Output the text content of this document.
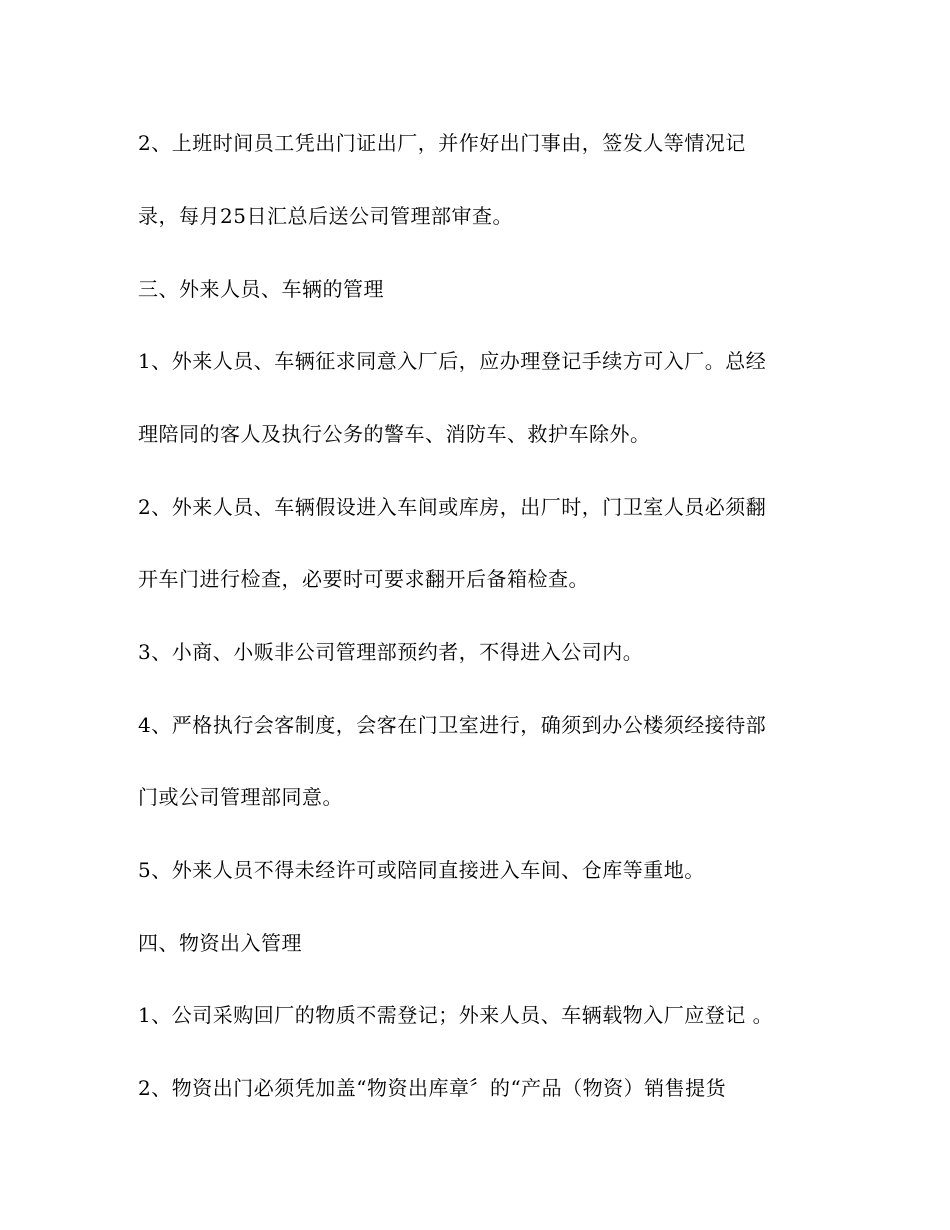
2、上班时间员工凭出门证出厂，并作好出门事由，签发人等情况记
录，每月25日汇总后送公司管理部审查。
三、外来人员、车辆的管理
1、外来人员、车辆征求同意入厂后，应办理登记手续方可入厂。总经
理陪同的客人及执行公务的警车、消防车、救护车除外。
2、外来人员、车辆假设进入车间或库房，出厂时，门卫室人员必须翻
开车门进行检查，必要时可要求翻开后备箱检查。
3、小商、小贩非公司管理部预约者，不得进入公司内。
4、严格执行会客制度，会客在门卫室进行，确须到办公楼须经接待部
门或公司管理部同意。
5、外来人员不得未经许可或陪同直接进入车间、仓库等重地。
四、物资出入管理
1、公司采购回厂的物质不需登记；外来人员、车辆载物入厂应登记 。
2、物资出门必须凭加盖“物资出库章〞的“产品（物资）销售提货
